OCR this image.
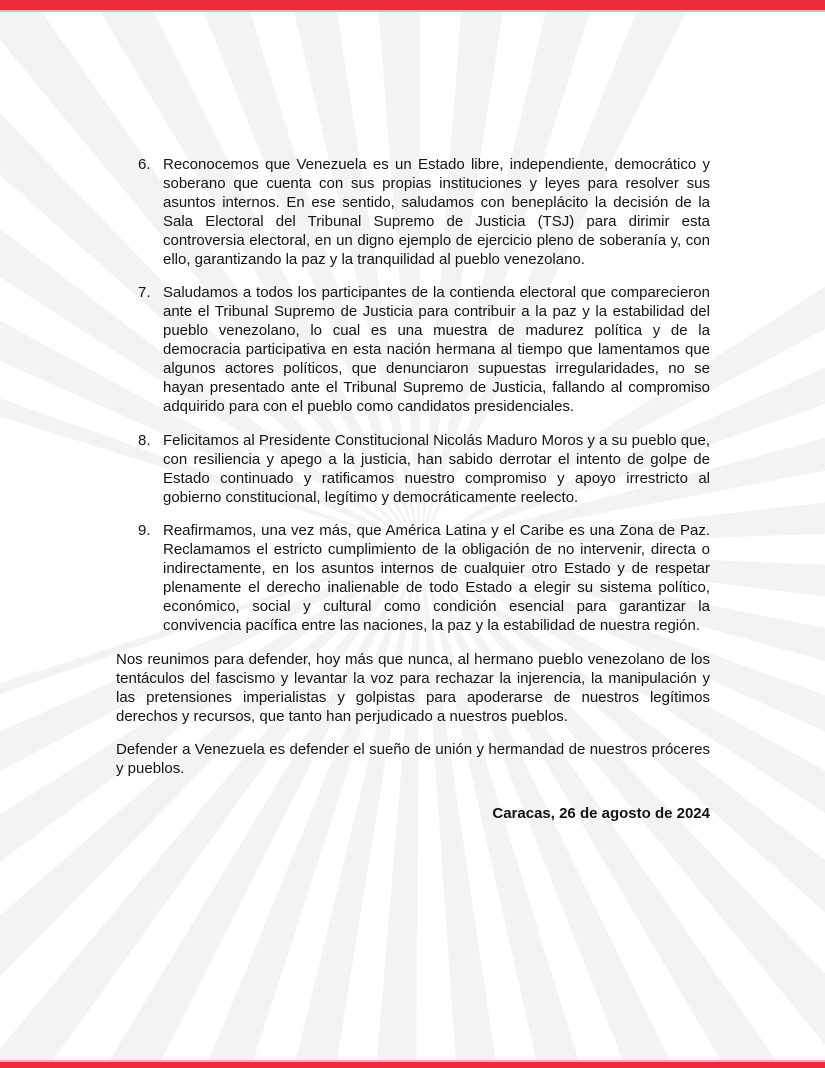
6. Reconocemos que Venezuela es un Estado libre, independiente, democrático y soberano que cuenta con sus propias instituciones y leyes para resolver sus asuntos internos. En ese sentido, saludamos con beneplácito la decisión de la Sala Electoral del Tribunal Supremo de Justicia (TSJ) para dirimir esta controversia electoral, en un digno ejemplo de ejercicio pleno de soberanía y, con ello, garantizando la paz y la tranquilidad al pueblo venezolano.
7. Saludamos a todos los participantes de la contienda electoral que comparecieron ante el Tribunal Supremo de Justicia para contribuir a la paz y la estabilidad del pueblo venezolano, lo cual es una muestra de madurez política y de la democracia participativa en esta nación hermana al tiempo que lamentamos que algunos actores políticos, que denunciaron supuestas irregularidades, no se hayan presentado ante el Tribunal Supremo de Justicia, fallando al compromiso adquirido para con el pueblo como candidatos presidenciales.
8. Felicitamos al Presidente Constitucional Nicolás Maduro Moros y a su pueblo que, con resiliencia y apego a la justicia, han sabido derrotar el intento de golpe de Estado continuado y ratificamos nuestro compromiso y apoyo irrestricto al gobierno constitucional, legítimo y democráticamente reelecto.
9. Reafirmamos, una vez más, que América Latina y el Caribe es una Zona de Paz. Reclamamos el estricto cumplimiento de la obligación de no intervenir, directa o indirectamente, en los asuntos internos de cualquier otro Estado y de respetar plenamente el derecho inalienable de todo Estado a elegir su sistema político, económico, social y cultural como condición esencial para garantizar la convivencia pacífica entre las naciones, la paz y la estabilidad de nuestra región.

Nos reunimos para defender, hoy más que nunca, al hermano pueblo venezolano de los tentáculos del fascismo y levantar la voz para rechazar la injerencia, la manipulación y las pretensiones imperialistas y golpistas para apoderarse de nuestros legítimos derechos y recursos, que tanto han perjudicado a nuestros pueblos.

Defender a Venezuela es defender el sueño de unión y hermandad de nuestros próceres y pueblos.

Caracas, 26 de agosto de 2024
